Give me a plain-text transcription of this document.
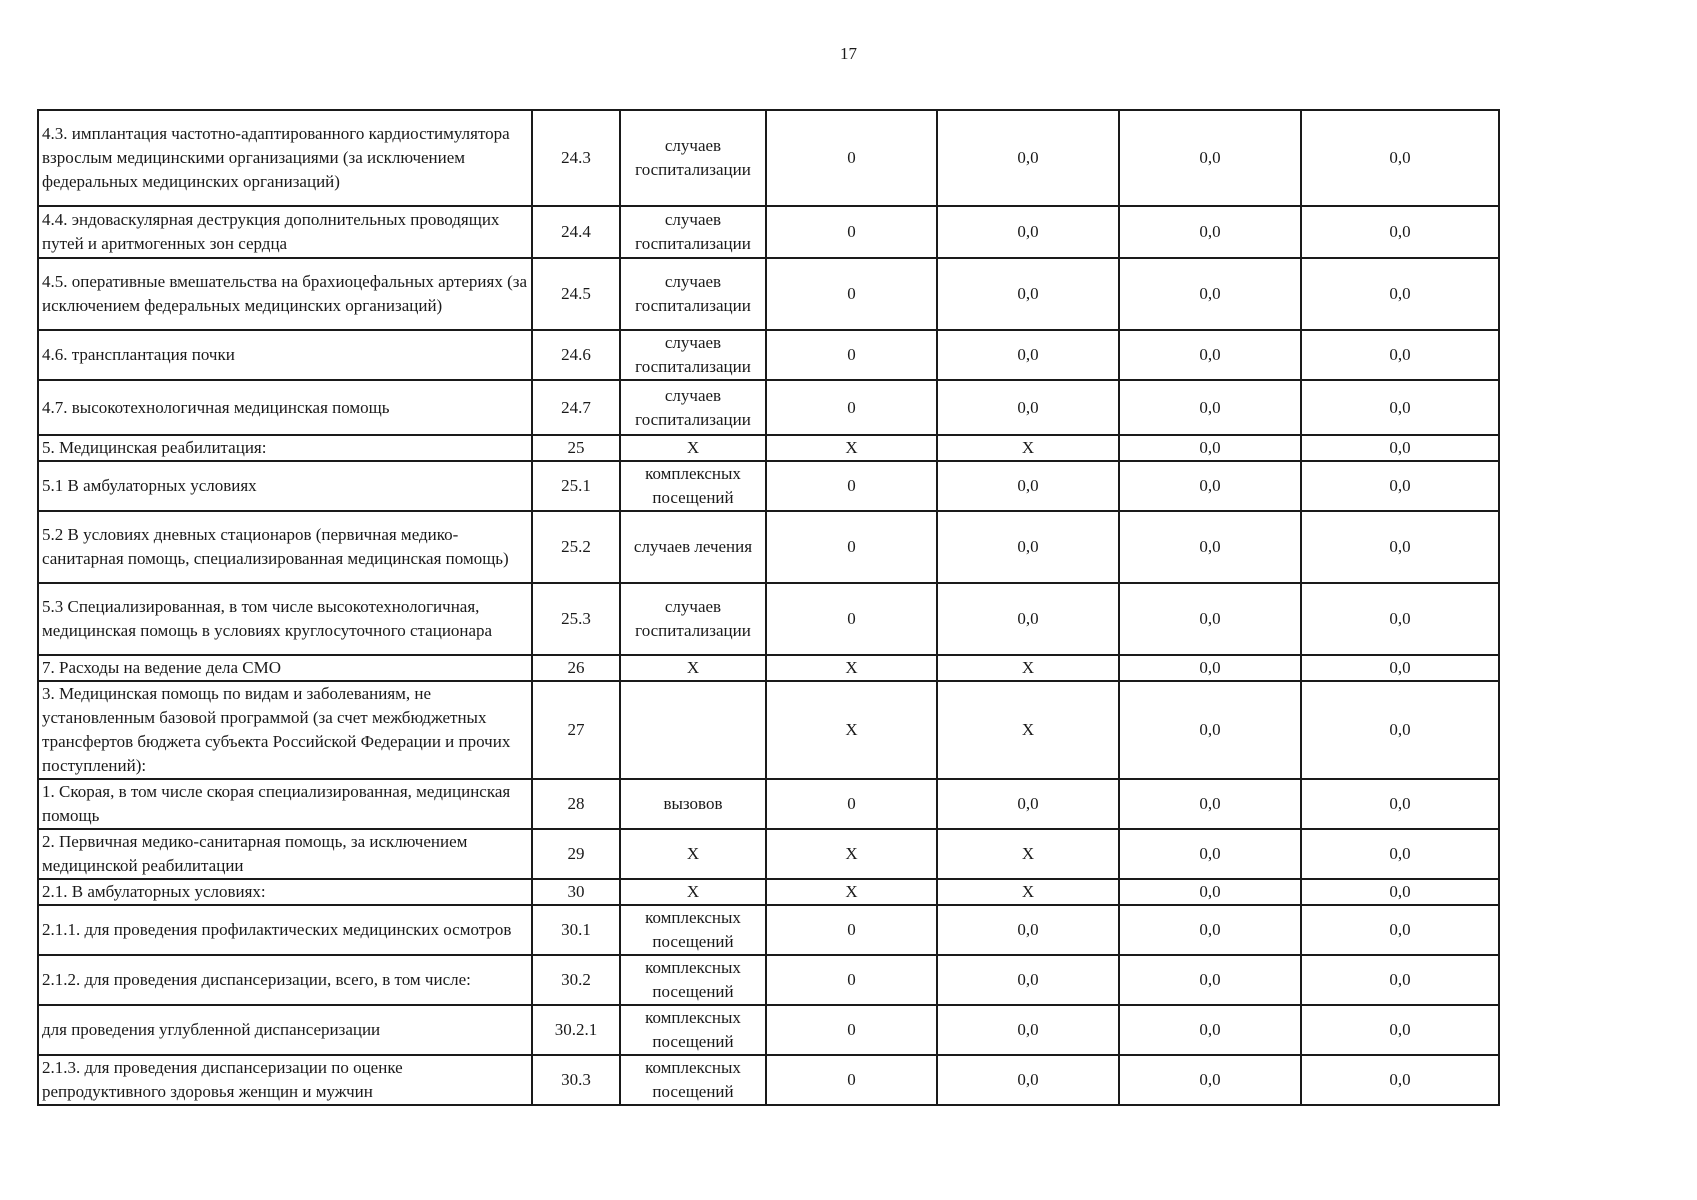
17
4.3. имплантация частотно-адаптированного кардиостимулятора взрослым медицинскими организациями (за исключением федеральных медицинских организаций)	24.3	случаев госпитализации	0	0,0	0,0	0,0
4.4. эндоваскулярная деструкция дополнительных проводящих путей и аритмогенных зон сердца	24.4	случаев госпитализации	0	0,0	0,0	0,0
4.5. оперативные вмешательства на брахиоцефальных артериях (за исключением федеральных медицинских организаций)	24.5	случаев госпитализации	0	0,0	0,0	0,0
4.6. трансплантация почки	24.6	случаев госпитализации	0	0,0	0,0	0,0
4.7. высокотехнологичная медицинская помощь	24.7	случаев госпитализации	0	0,0	0,0	0,0
5. Медицинская реабилитация:	25	Х	Х	Х	0,0	0,0
5.1 В амбулаторных условиях	25.1	комплексных посещений	0	0,0	0,0	0,0
5.2 В условиях дневных стационаров (первичная медико-санитарная помощь, специализированная медицинская помощь)	25.2	случаев лечения	0	0,0	0,0	0,0
5.3 Специализированная, в том числе высокотехнологичная, медицинская помощь в условиях круглосуточного стационара	25.3	случаев госпитализации	0	0,0	0,0	0,0
7. Расходы на ведение дела СМО	26	Х	Х	Х	0,0	0,0
3. Медицинская помощь по видам и заболеваниям, не установленным базовой программой (за счет межбюджетных трансфертов бюджета субъекта Российской Федерации и прочих поступлений):	27		Х	Х	0,0	0,0
1. Скорая, в том числе скорая специализированная, медицинская помощь	28	вызовов	0	0,0	0,0	0,0
2. Первичная медико-санитарная помощь, за исключением медицинской реабилитации	29	Х	Х	Х	0,0	0,0
2.1. В амбулаторных условиях:	30	Х	Х	Х	0,0	0,0
2.1.1. для проведения профилактических медицинских осмотров	30.1	комплексных посещений	0	0,0	0,0	0,0
2.1.2. для проведения диспансеризации, всего, в том числе:	30.2	комплексных посещений	0	0,0	0,0	0,0
для проведения углубленной диспансеризации	30.2.1	комплексных посещений	0	0,0	0,0	0,0
2.1.3. для проведения диспансеризации по оценке репродуктивного здоровья женщин и мужчин	30.3	комплексных посещений	0	0,0	0,0	0,0
